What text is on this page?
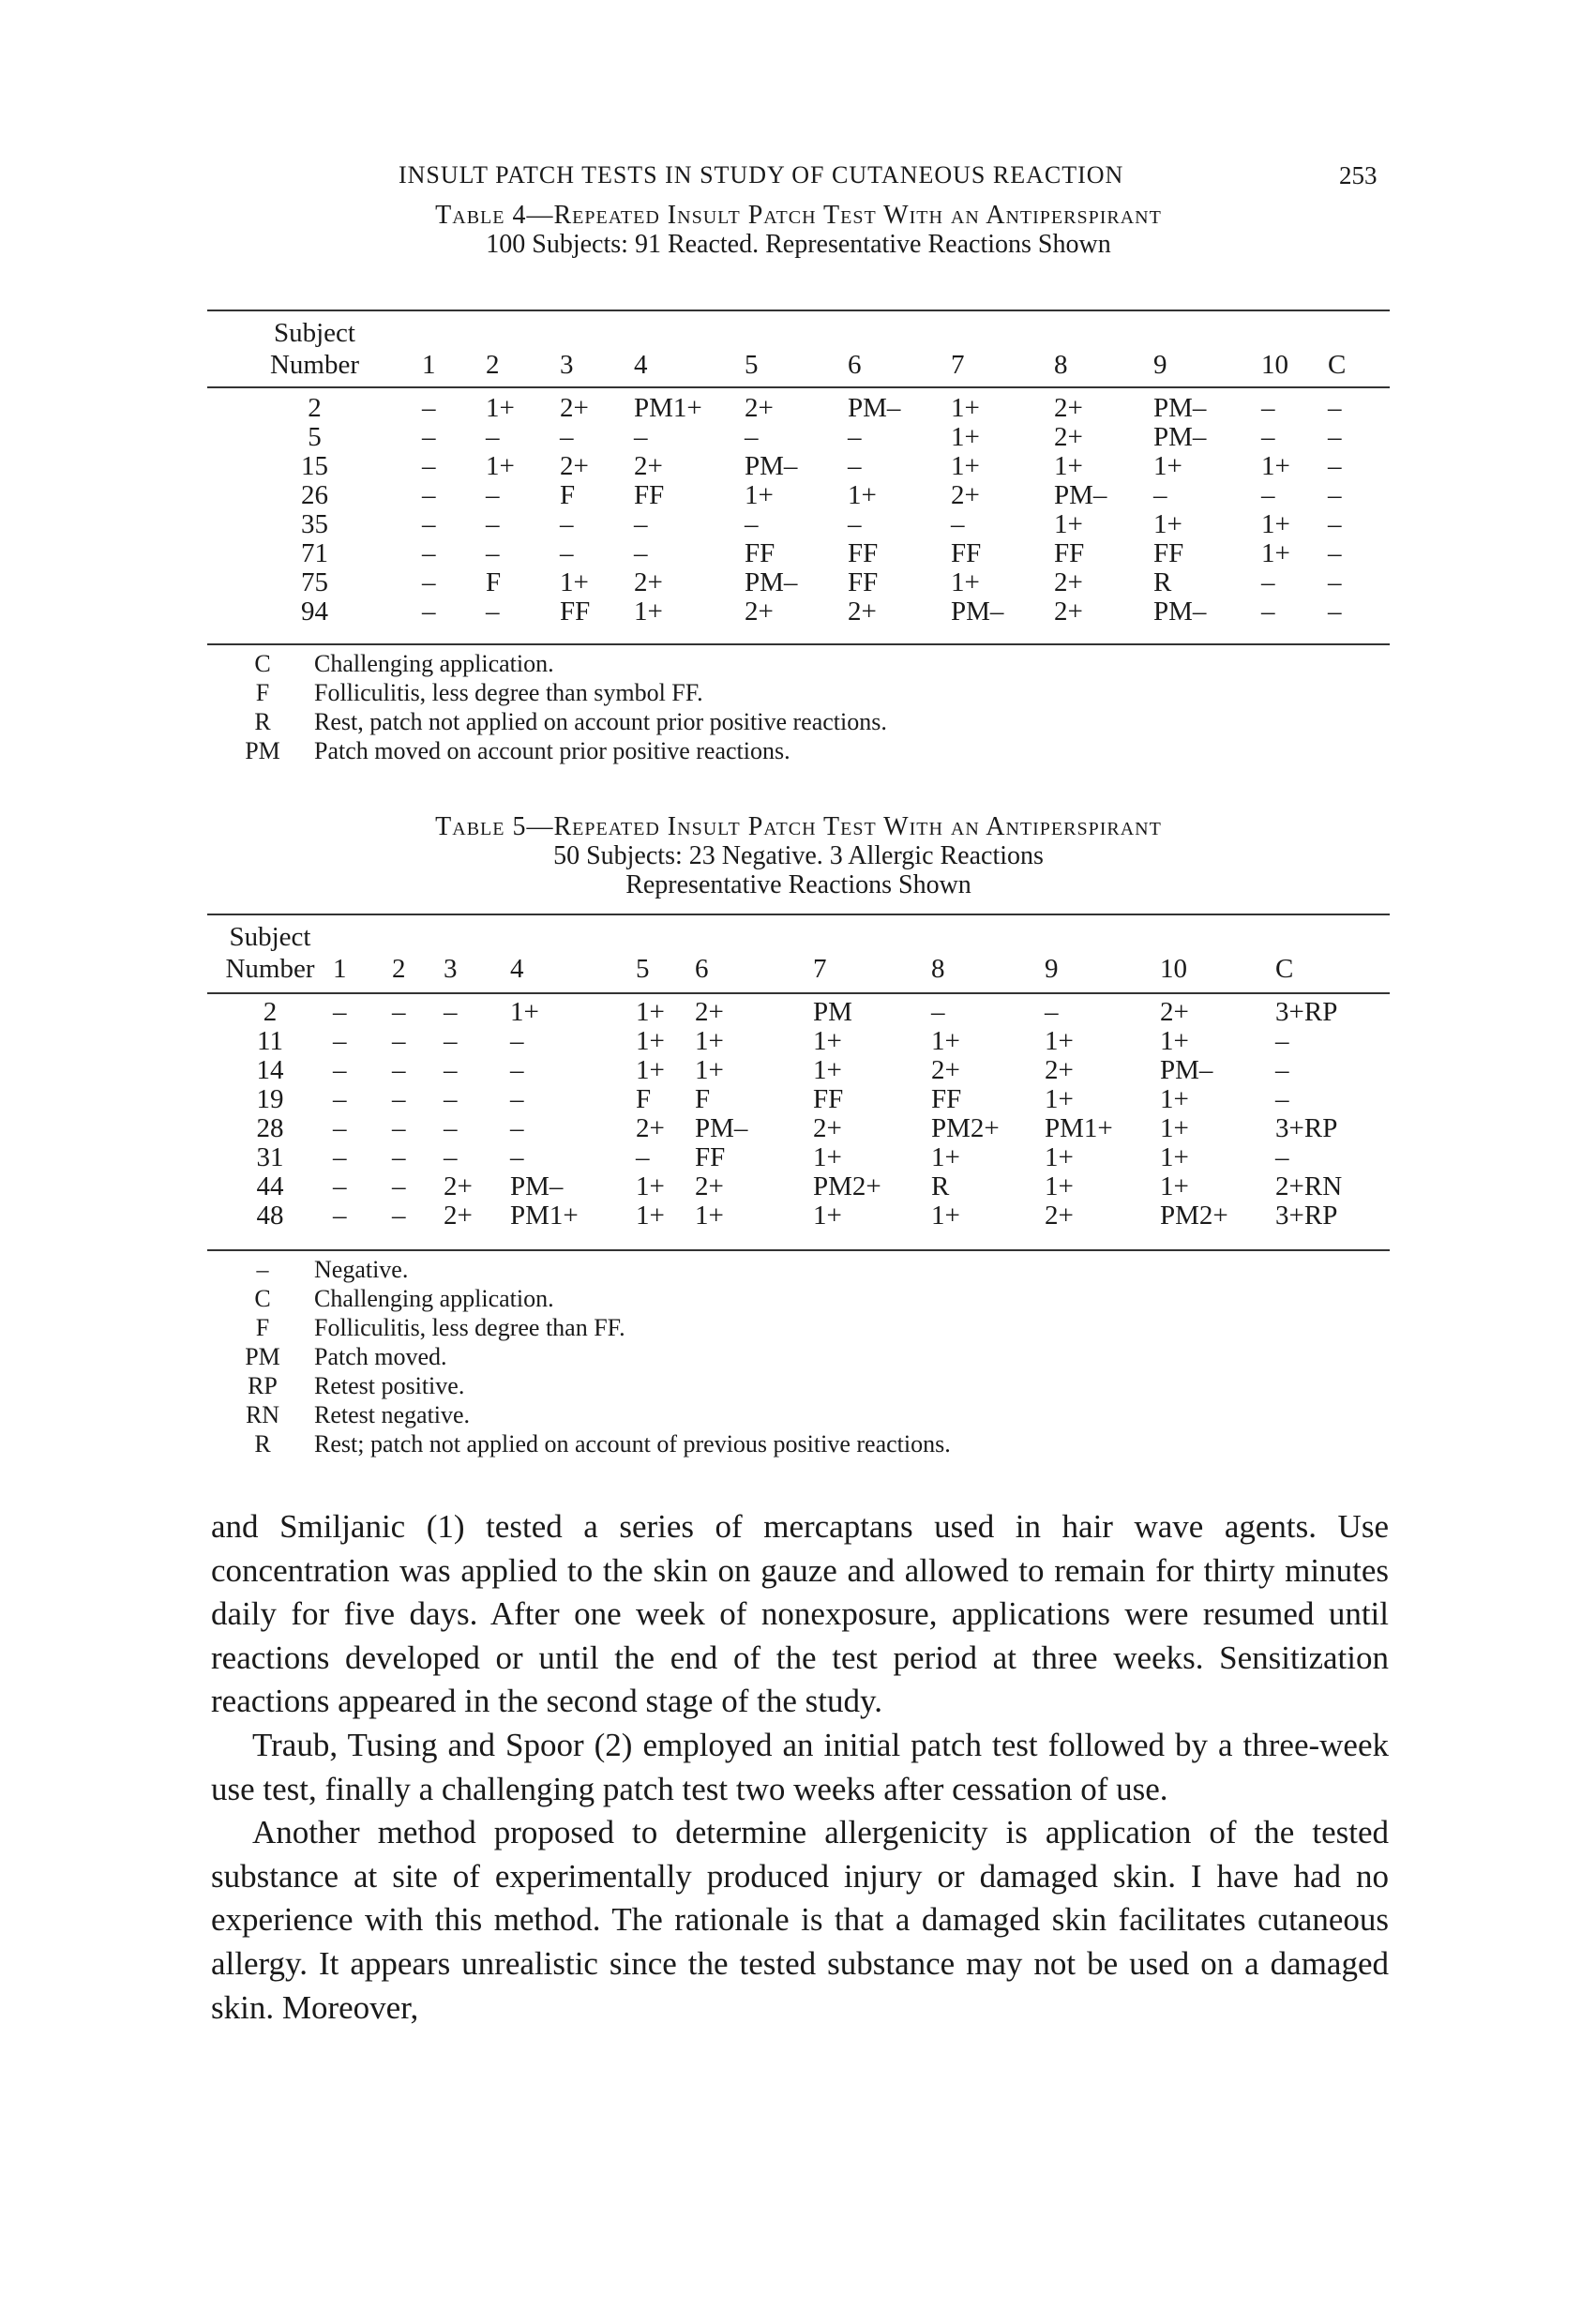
INSULT PATCH TESTS IN STUDY OF CUTANEOUS REACTION	253
Table 4—Repeated Insult Patch Test With an Antiperspirant
100 Subjects: 91 Reacted. Representative Reactions Shown
Subject											
Number	1	2	3	4	5	6	7	8	9	10	C

2	–	1+	2+	PM1+	2+	PM–	1+	2+	PM–	–	–
5	–	–	–	–	–	–	1+	2+	PM–	–	–
15	–	1+	2+	2+	PM–	–	1+	1+	1+	1+	–
26	–	–	F	FF	1+	1+	2+	PM–	–	–	–
35	–	–	–	–	–	–	–	1+	1+	1+	–
71	–	–	–	–	FF	FF	FF	FF	FF	1+	–
75	–	F	1+	2+	PM–	FF	1+	2+	R	–	–
94	–	–	FF	1+	2+	2+	PM–	2+	PM–	–	–
C	Challenging application.
F	Folliculitis, less degree than symbol FF.
R	Rest, patch not applied on account prior positive reactions.
PM	Patch moved on account prior positive reactions.
Table 5—Repeated Insult Patch Test With an Antiperspirant
50 Subjects: 23 Negative. 3 Allergic Reactions
Representative Reactions Shown
Subject											
Number	1	2	3	4	5	6	7	8	9	10	C

2	–	–	–	1+	1+	2+	PM	–	–	2+	3+RP
11	–	–	–	–	1+	1+	1+	1+	1+	1+	–
14	–	–	–	–	1+	1+	1+	2+	2+	PM–	–
19	–	–	–	–	F	F	FF	FF	1+	1+	–
28	–	–	–	–	2+	PM–	2+	PM2+	PM1+	1+	3+RP
31	–	–	–	–	–	FF	1+	1+	1+	1+	–
44	–	–	2+	PM–	1+	2+	PM2+	R	1+	1+	2+RN
48	–	–	2+	PM1+	1+	1+	1+	1+	2+	PM2+	3+RP
–	Negative.
C	Challenging application.
F	Folliculitis, less degree than FF.
PM	Patch moved.
RP	Retest positive.
RN	Retest negative.
R	Rest; patch not applied on account of previous positive reactions.

and Smiljanic (1) tested a series of mercaptans used in hair wave agents. Use concentration was applied to the skin on gauze and allowed to remain for thirty minutes daily for five days. After one week of nonexposure, applications were resumed until reactions developed or until the end of the test period at three weeks. Sensitization reactions appeared in the second stage of the study.

Traub, Tusing and Spoor (2) employed an initial patch test followed by a three-week use test, finally a challenging patch test two weeks after cessation of use.

Another method proposed to determine allergenicity is application of the tested substance at site of experimentally produced injury or damaged skin. I have had no experience with this method. The rationale is that a damaged skin facilitates cutaneous allergy. It appears unrealistic since the tested substance may not be used on a damaged skin. Moreover,
